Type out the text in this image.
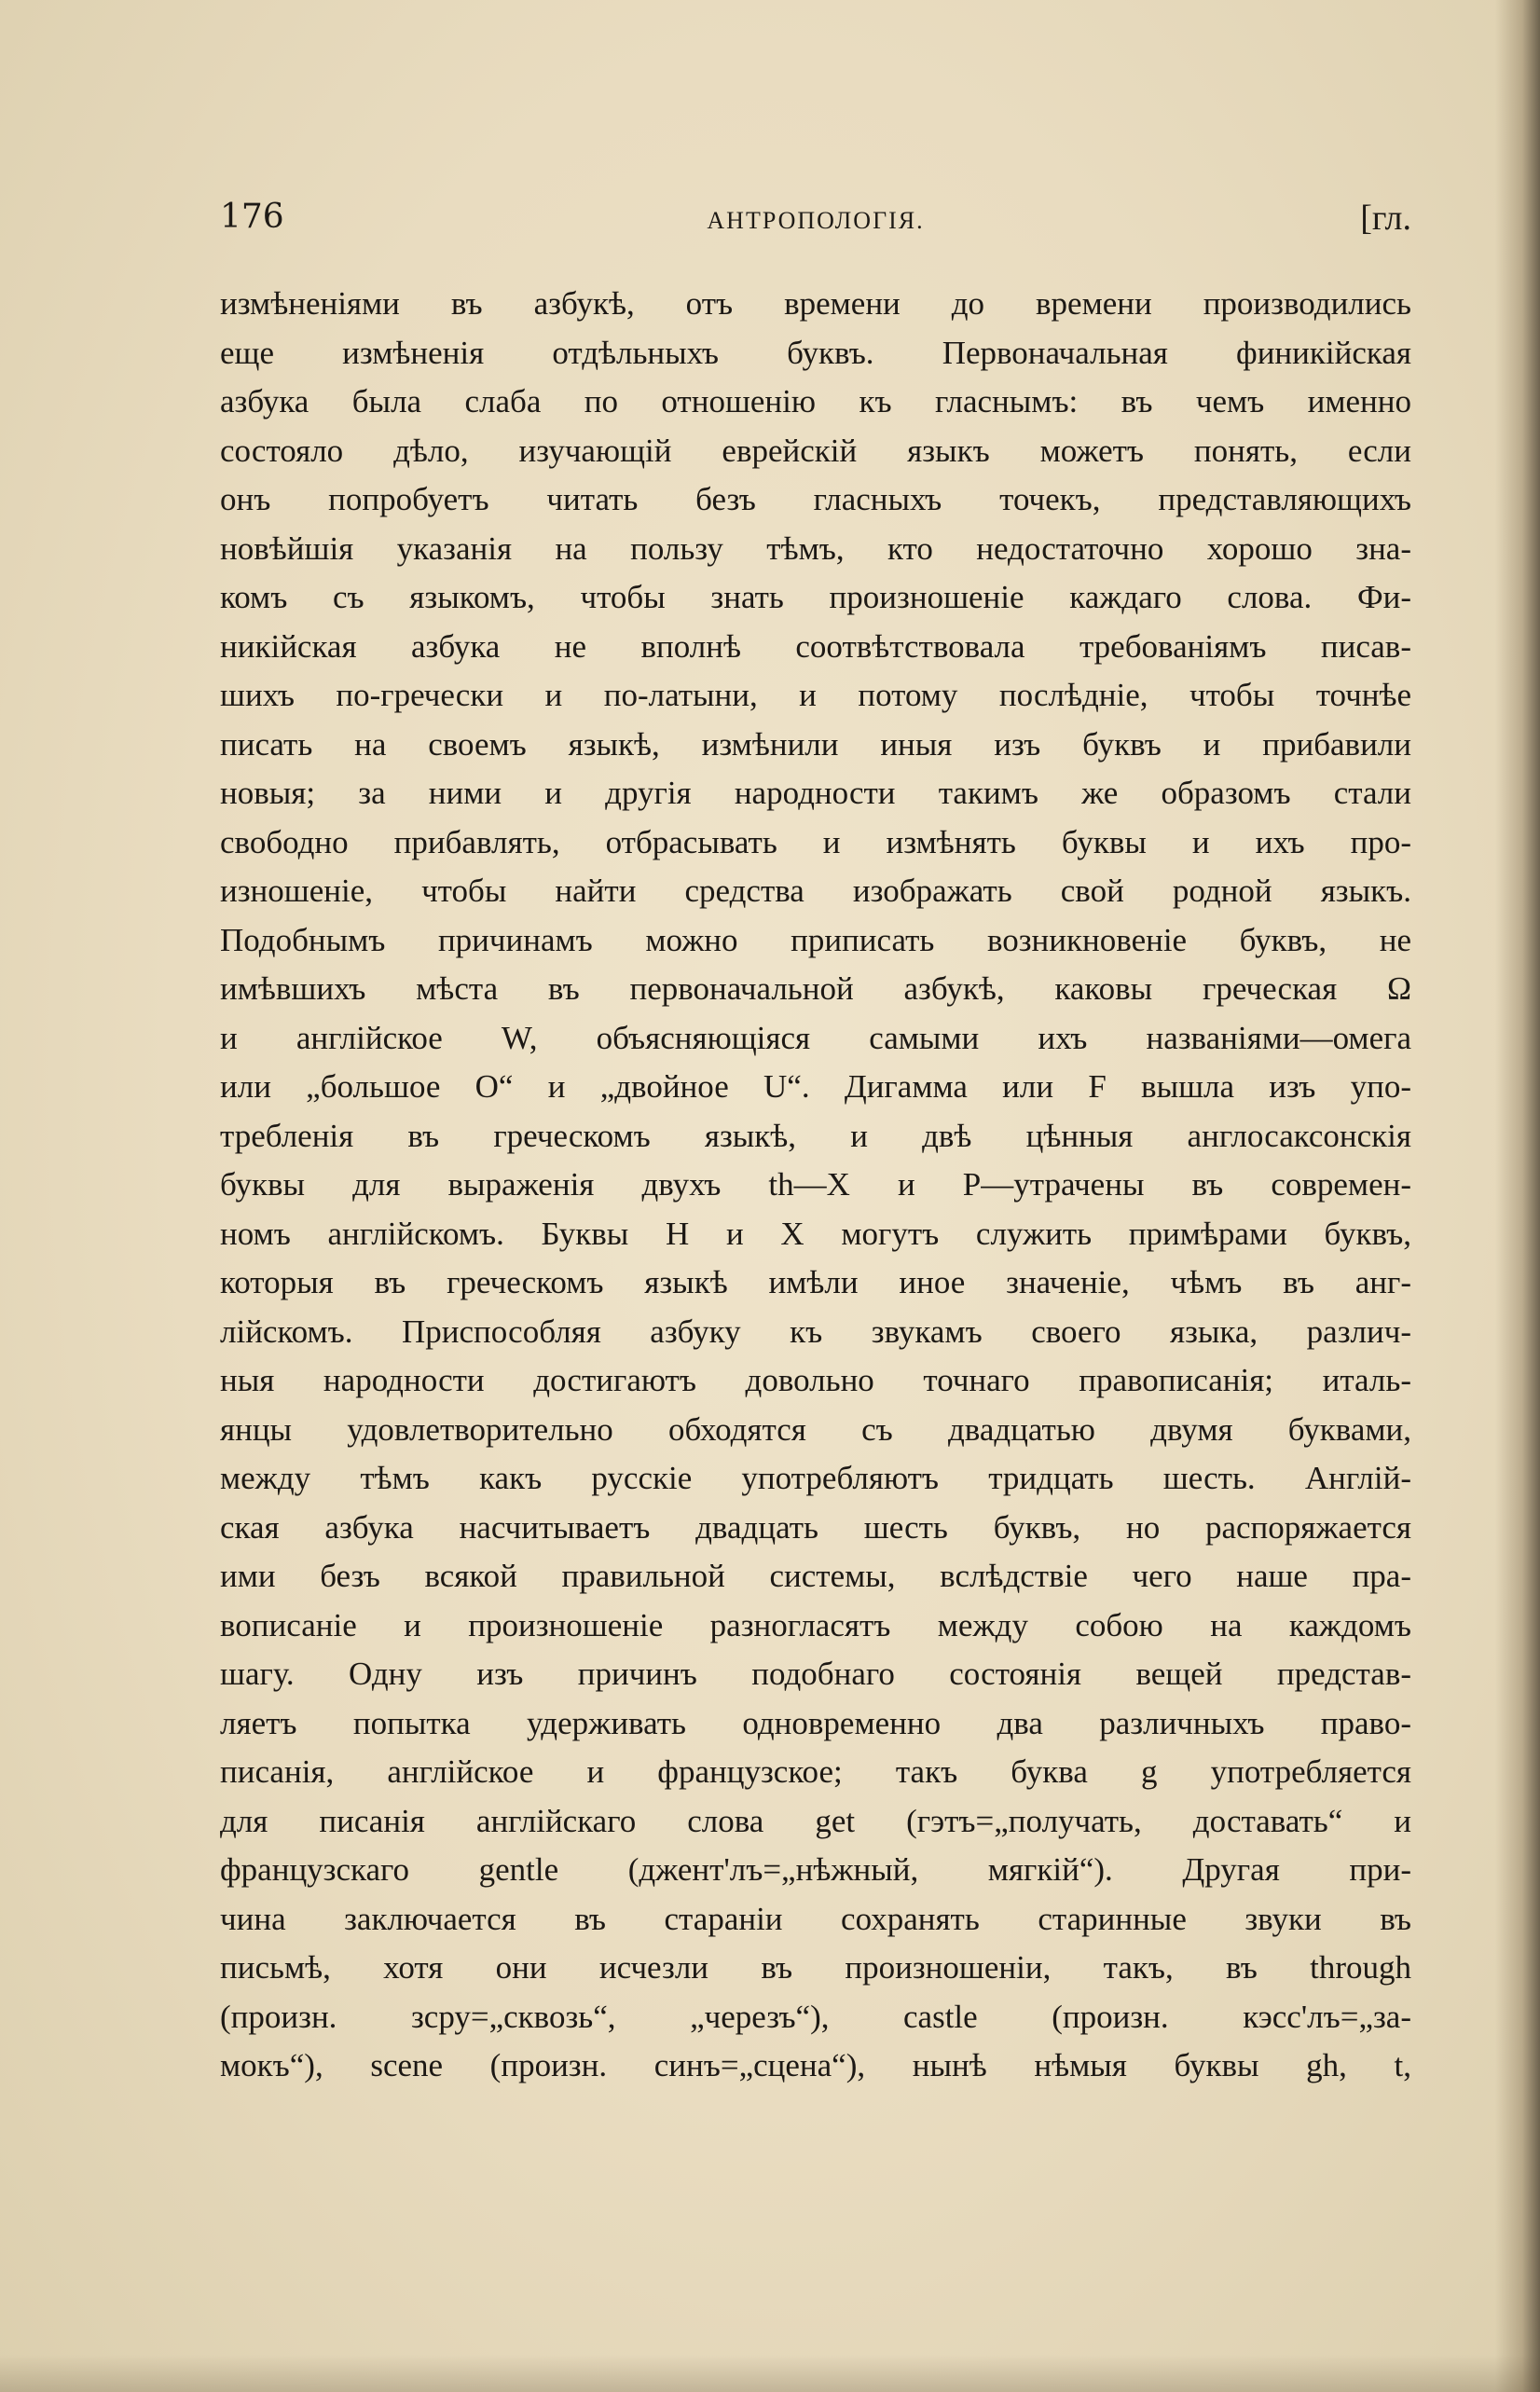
176	АНТРОПОЛОГІЯ.	[гл.
измѣненіями въ азбукѣ, отъ времени до времени производились
еще измѣненія отдѣльныхъ буквъ. Первоначальная финикійская
азбука была слаба по отношенію къ гласнымъ: въ чемъ именно
состояло дѣло, изучающій еврейскій языкъ можетъ понять, если
онъ попробуетъ читать безъ гласныхъ точекъ, представляющихъ
новѣйшія указанія на пользу тѣмъ, кто недостаточно хорошо зна-
комъ съ языкомъ, чтобы знать произношеніе каждаго слова. Фи-
никійская азбука не вполнѣ соотвѣтствовала требованіямъ писав-
шихъ по-гречески и по-латыни, и потому послѣдніе, чтобы точнѣе
писать на своемъ языкѣ, измѣнили иныя изъ буквъ и прибавили
новыя; за ними и другія народности такимъ же образомъ стали
свободно прибавлять, отбрасывать и измѣнять буквы и ихъ про-
изношеніе, чтобы найти средства изображать свой родной языкъ.
Подобнымъ причинамъ можно приписать возникновеніе буквъ, не
имѣвшихъ мѣста въ первоначальной азбукѣ, каковы греческая Ω
и англійское W, объясняющіяся самыми ихъ названіями—омега
или „большое O“ и „двойное U“. Дигамма или F вышла изъ упо-
требленія въ греческомъ языкѣ, и двѣ цѣнныя англосаксонскія
буквы для выраженія двухъ th—X и Р—утрачены въ современ-
номъ англійскомъ. Буквы H и X могутъ служить примѣрами буквъ,
которыя въ греческомъ языкѣ имѣли иное значеніе, чѣмъ въ анг-
лійскомъ. Приспособляя азбуку къ звукамъ своего языка, различ-
ныя народности достигаютъ довольно точнаго правописанія; италь-
янцы удовлетворительно обходятся съ двадцатью двумя буквами,
между тѣмъ какъ русскіе употребляютъ тридцать шесть. Англій-
ская азбука насчитываетъ двадцать шесть буквъ, но распоряжается
ими безъ всякой правильной системы, вслѣдствіе чего наше пра-
вописаніе и произношеніе разногласятъ между собою на каждомъ
шагу. Одну изъ причинъ подобнаго состоянія вещей представ-
ляетъ попытка удерживать одновременно два различныхъ право-
писанія, англійское и французское; такъ буква g употребляется
для писанія англійскаго слова get (гэтъ=„получать, доставать“ и
французскаго gentle (джент'лъ=„нѣжный, мягкій“). Другая при-
чина заключается въ стараніи сохранять старинные звуки въ
письмѣ, хотя они исчезли въ произношеніи, такъ, въ through
(произн. зсру=„сквозь“, „черезъ“), castle (произн. кэсс'лъ=„за-
мокъ“), scene (произн. синъ=„сцена“), нынѣ нѣмыя буквы gh, t,
